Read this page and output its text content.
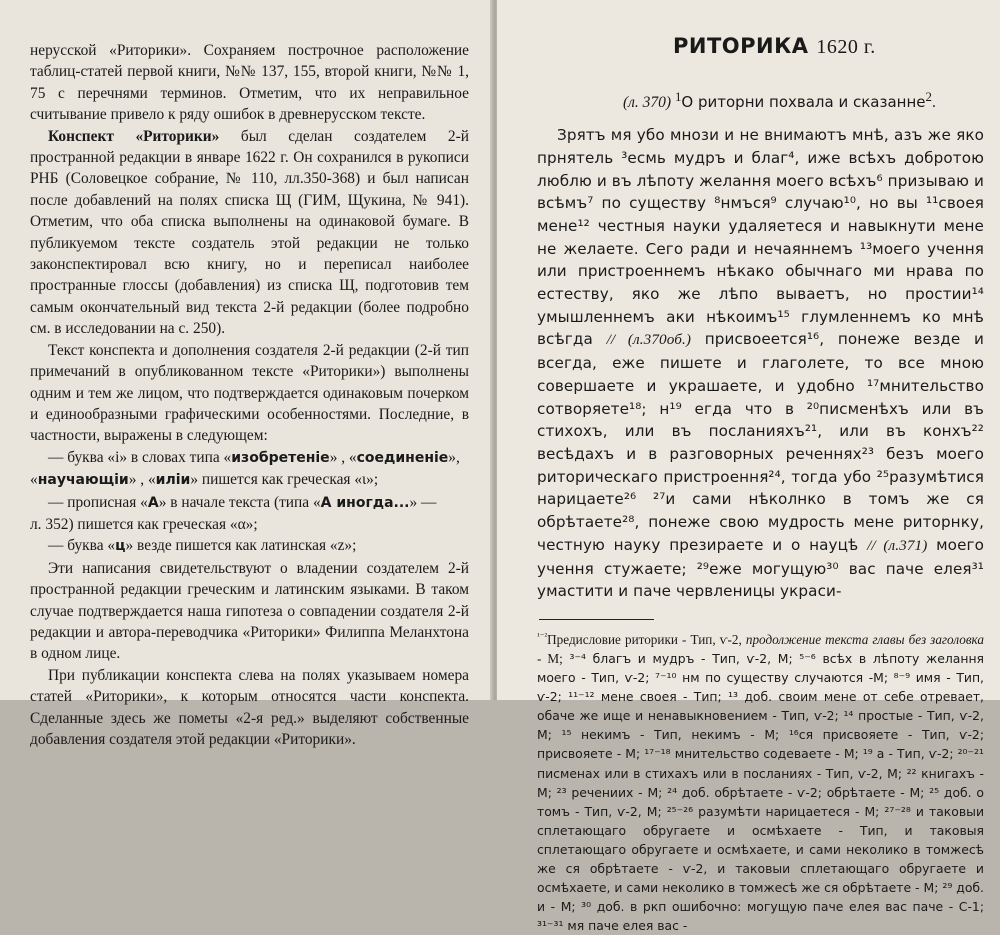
нерусской «Риторики». Сохраняем построчное расположение таблиц-статей первой книги, №№ 137, 155, второй книги, №№ 1, 75 с перечнями терминов. Отметим, что их неправильное считывание привело к ряду ошибок в древнерусском тексте.

Конспект «Риторики» был сделан создателем 2-й пространной редакции в январе 1622 г. Он сохранился в рукописи РНБ (Соловецкое собрание, № 110, лл.350-368) и был написан после добавлений на полях списка Щ (ГИМ, Щукина, № 941). Отметим, что оба списка выполнены на одинаковой бумаге. В публикуемом тексте создатель этой редакции не только законспектировал всю книгу, но и переписал наиболее пространные глоссы (добавления) из списка Щ, подготовив тем самым окончательный вид текста 2-й редакции (более подробно см. в исследовании на с. 250).

Текст конспекта и дополнения создателя 2-й редакции (2-й тип примечаний в опубликованном тексте «Риторики») выполнены одним и тем же лицом, что подтверждается одинаковым почерком и единообразными графическими особенностями. Последние, в частности, выражены в следующем:

— буква «і» в словах типа «изобретеніе» , «соединеніе»,
«научающіи» , «иліи» пишется как греческая «ι»;
— прописная «А» в начале текста (типа «А иногда...» —
л. 352) пишется как греческая «α»;
— буква «ц» везде пишется как латинская «z»;

Эти написания свидетельствуют о владении создателем 2-й пространной редакции греческим и латинским языками. В таком случае подтверждается наша гипотеза о совпадении создателя 2-й редакции и автора-переводчика «Риторики» Филиппа Меланхтона в одном лице.

При публикации конспекта слева на полях указываем номера статей «Риторики», к которым относятся части конспекта. Сделанные здесь же пометы «2-я ред.» выделяют собственные добавления создателя этой редакции «Риторики».

РИТОРИКА 1620 г.
(л. 370) $^1$О риторни похвала и сказанне$^2$.

Зрятъ мя убо мнози и не внимаютъ мнѣ, азъ же яко прнятель ³есмь мудръ и благ⁴, иже всѣхъ добротою люблю и въ лѣпоту желання моего всѣхъ⁶ призываю и всѣмъ⁷ по существу ⁸нмъся⁹ случаю¹⁰, но вы ¹¹своея мене¹² честныя науки удаляетеся и навыкнути мене не желаете. Сего ради и нечаяннемъ ¹³моего учення или пристроеннемъ нѣкако обычнаго ми нрава по естеству, яко же лѣпо вываетъ, но простии¹⁴ умышленнемъ аки нѣкоимъ¹⁵ глумленнемъ ко мнѣ всѣгда // (л.370об.) присвоеется¹⁶, понеже везде и всегда, еже пишете и глаголете, то все мною совершаете и украшаете, и удобно ¹⁷мнительство сотворяете¹⁸; н¹⁹ егда что в ²⁰писменѣхъ или въ стихохъ, или въ посланияхъ²¹, или въ конхъ²² весѣдахъ и в разговорных реченнях²³ безъ моего риторическаго пристроення²⁴, тогда убо ²⁵разумѣтися нарицаете²⁶ ²⁷и сами нѣколнко в томъ же ся обрѣтаете²⁸, понеже свою мудрость мене риторнку, честную науку презираете и о науцѣ // (л.371) моего учення стужаете; ²⁹еже могущую³⁰ вас паче елея³¹ умастити и паче червленицы украси-

$^{^{1-2}}$Предисловие риторики - Тип, ѵ-2, продолжение текста главы без заголовка - М; ³⁻⁴ благъ и мудръ - Тип, ѵ-2, М; ⁵⁻⁶ всѣх в лѣпоту желання моего - Тип, ѵ-2; ⁷⁻¹⁰ нм по существу случаются -М; ⁸⁻⁹ имя - Тип, ѵ-2; ¹¹⁻¹² мене своея - Тип; ¹³ доб. своим мене от себе отревает, обаче же ище и ненавыкновением - Тип, ѵ-2; ¹⁴ простые - Тип, ѵ-2, М; ¹⁵ некимъ - Тип, некимъ - М; ¹⁶ся присвояете - Тип, ѵ-2; присвояете - М; ¹⁷⁻¹⁸ мнительство содеваете - М; ¹⁹ а - Тип, ѵ-2; ²⁰⁻²¹ писменах или в стихахъ или в посланиях - Тип, ѵ-2, М; ²² книгахъ - М; ²³ речениих - М; ²⁴ доб. обрѣтаете - ѵ-2; обрѣтаете - М; ²⁵ доб. о томъ - Тип, ѵ-2, М; ²⁵⁻²⁶ разумѣти нарицаетеся - М; ²⁷⁻²⁸ и таковыи сплетающаго обругаете и осмѣхаете - Тип, и таковыя сплетающаго обругаете и осмѣхаете, и сами неколико в томжесѣ же ся обрѣтаете - ѵ-2, и таковыи сплетающаго обругаете и осмѣхаете, и сами неколико в томжесѣ же ся обрѣтаете - М; ²⁹ доб. и - М; ³⁰ доб. в ркп ошибочно: могущую паче елея вас паче - С-1; ³¹⁻³¹ мя паче елея вас -
